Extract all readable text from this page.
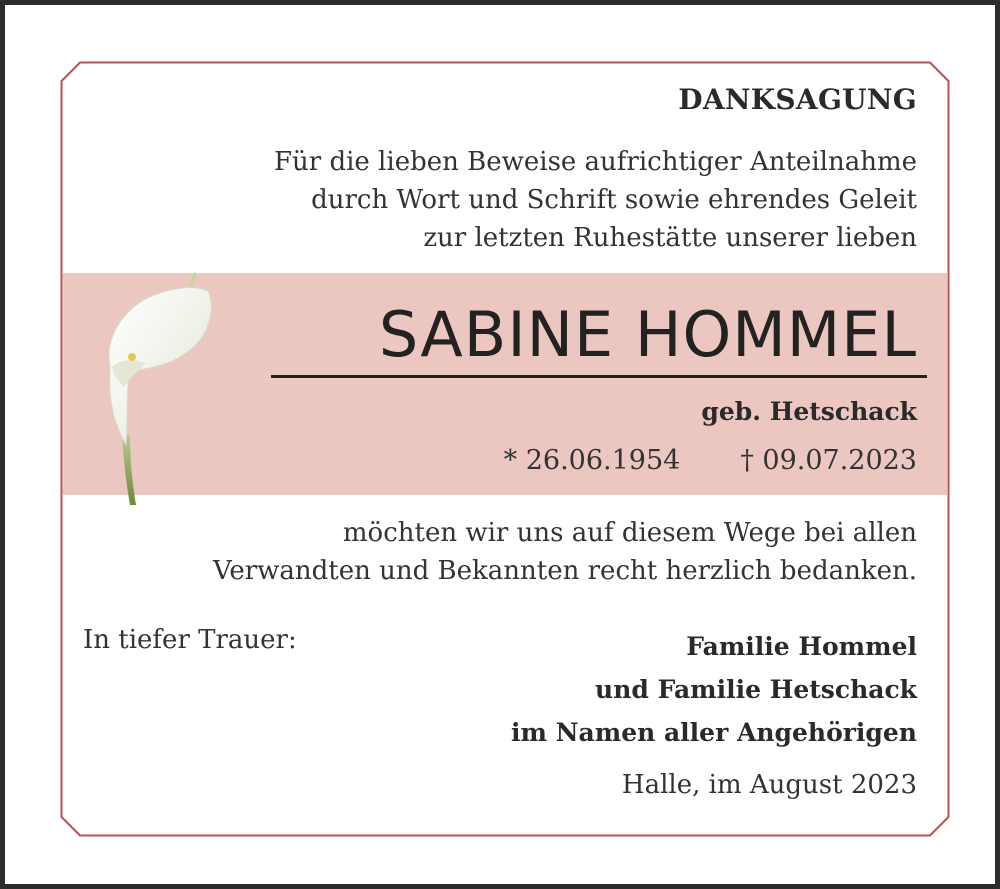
DANKSAGUNG
Für die lieben Beweise aufrichtiger Anteilnahme
durch Wort und Schrift sowie ehrendes Geleit
zur letzten Ruhestätte unserer lieben
SABINE HOMMEL
geb. Hetschack
* 26.06.1954 † 09.07.2023
möchten wir uns auf diesem Wege bei allen
Verwandten und Bekannten recht herzlich bedanken.
In tiefer Trauer:	Familie Hommel
und Familie Hetschack
im Namen aller Angehörigen
Halle, im August 2023
